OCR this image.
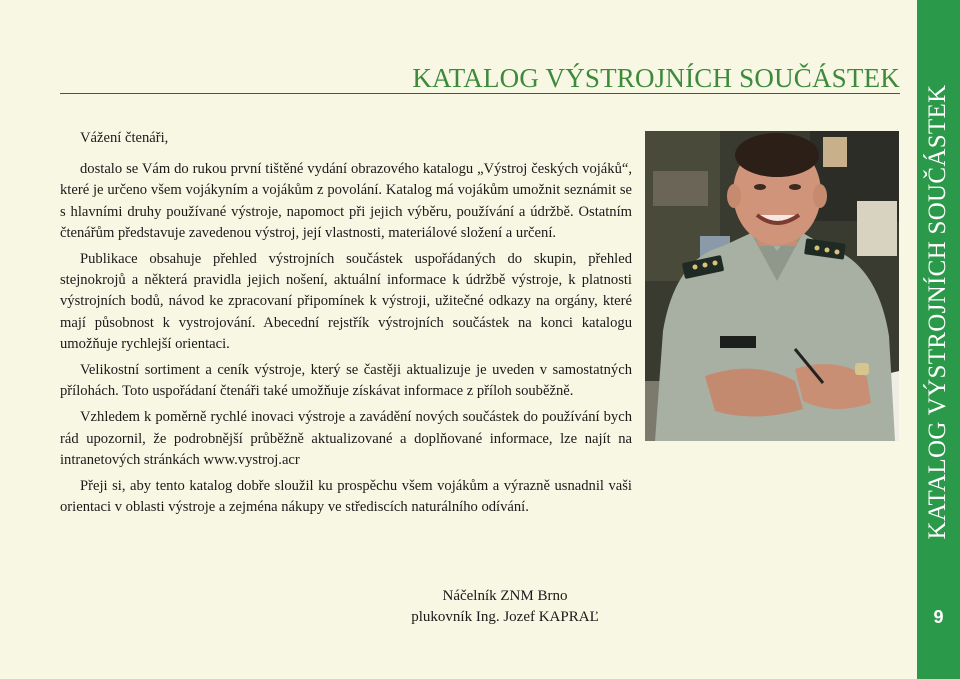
KATALOG VÝSTROJNÍCH SOUČÁSTEK

Vážení čtenáři,

dostalo se Vám do rukou první tištěné vydání obrazového katalogu „Výstroj českých vojáků“, které je určeno všem vojákyním a vojákům z povolání. Katalog má vojákům umožnit seznámit se s hlavními druhy používané výstroje, napomoct při jejich výběru, používání a údržbě. Ostatním čtenářům představuje zavedenou výstroj, její vlastnosti, materiálové složení a určení.

Publikace obsahuje přehled výstrojních součástek uspořádaných do skupin, přehled stejnokrojů a některá pravidla jejich nošení, aktuální informace k údržbě výstroje, k platnosti výstrojních bodů, návod ke zpracovaní připomínek k výstroji, užitečné odkazy na orgány, které mají působnost k vystrojování. Abecední rejstřík výstrojních součástek na konci katalogu umožňuje rychlejší orientaci.

Velikostní sortiment a ceník výstroje, který se častěji aktualizuje je uveden v samostatných přílohách. Toto uspořádaní čtenáři také umožňuje získávat informace z příloh souběžně.

Vzhledem k poměrně rychlé inovaci výstroje a zavádění nových součástek do používání bych rád upozornil, že podrobnější průběžně aktualizované a doplňované informace, lze najít na intranetových stránkách www.vystroj.acr

Přeji si, aby tento katalog dobře sloužil ku prospěchu všem vojákům a výrazně usnadnil vaši orientaci v oblasti výstroje a zejména nákupy ve střediscích naturálního odívání.

Náčelník ZNM Brno
plukovník Ing. Jozef KAPRAĽ
KATALOG VÝSTROJNÍCH SOUČÁSTEK
9
